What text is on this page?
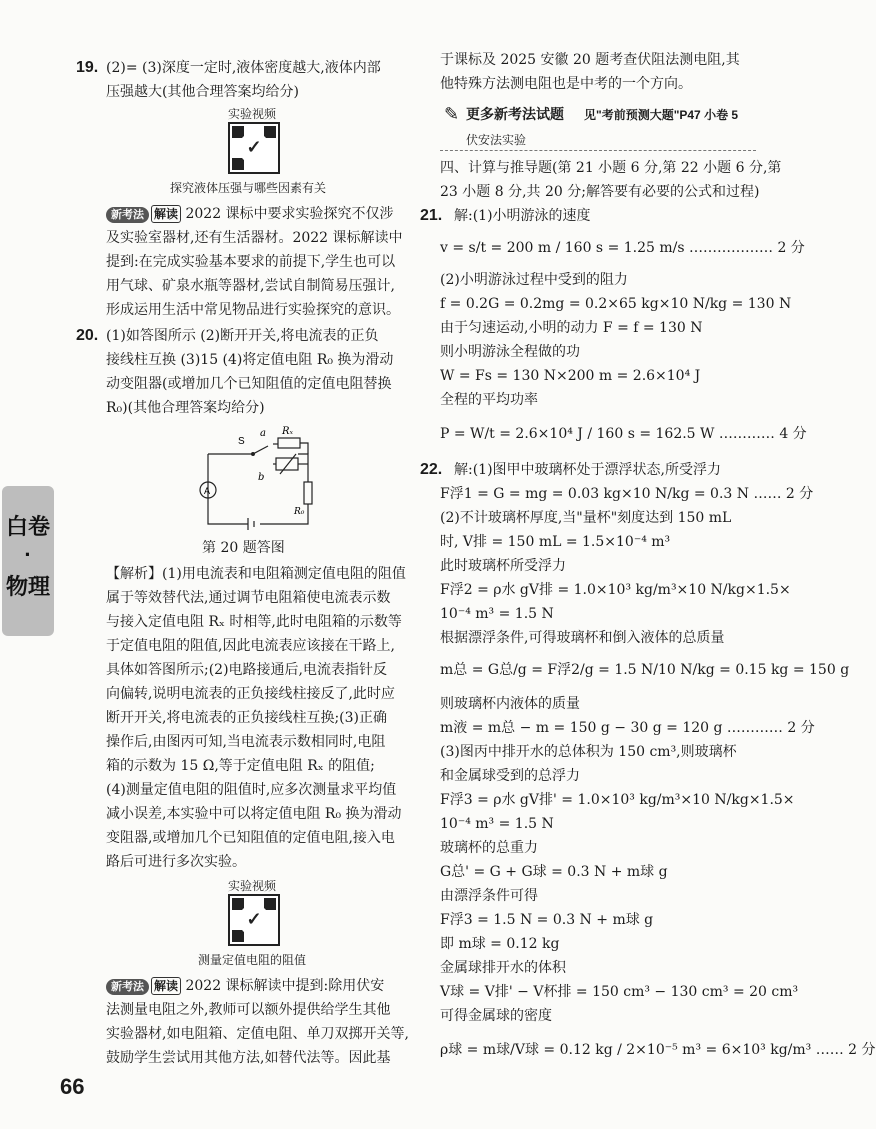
白卷
·
物理
19. (2)= (3)深度一定时,液体密度越大,液体内部
压强越大(其他合理答案均给分)
实验视频
✓
探究液体压强与哪些因素有关
新考法 解读 2022 课标中要求实验探究不仅涉
及实验室器材,还有生活器材。2022 课标解读中
提到:在完成实验基本要求的前提下,学生也可以
用气球、矿泉水瓶等器材,尝试自制简易压强计,
形成运用生活中常见物品进行实验探究的意识。
20. (1)如答图所示 (2)断开开关,将电流表的正负
接线柱互换 (3)15 (4)将定值电阻 R₀ 换为滑动
动变阻器(或增加几个已知阻值的定值电阻替换
R₀)(其他合理答案均给分)
A
S
a
b
Rₓ
R₀
第 20 题答图
【解析】(1)用电流表和电阻箱测定值电阻的阻值
属于等效替代法,通过调节电阻箱使电流表示数
与接入定值电阻 Rₓ 时相等,此时电阻箱的示数等
于定值电阻的阻值,因此电流表应该接在干路上,
具体如答图所示;(2)电路接通后,电流表指针反
向偏转,说明电流表的正负接线柱接反了,此时应
断开开关,将电流表的正负接线柱互换;(3)正确
操作后,由图丙可知,当电流表示数相同时,电阻
箱的示数为 15 Ω,等于定值电阻 Rₓ 的阻值;
(4)测量定值电阻的阻值时,应多次测量求平均值
减小误差,本实验中可以将定值电阻 R₀ 换为滑动
变阻器,或增加几个已知阻值的定值电阻,接入电
路后可进行多次实验。
实验视频
✓
测量定值电阻的阻值
新考法 解读 2022 课标解读中提到:除用伏安
法测量电阻之外,教师可以额外提供给学生其他
实验器材,如电阻箱、定值电阻、单刀双掷开关等,
鼓励学生尝试用其他方法,如替代法等。因此基
于课标及 2025 安徽 20 题考查伏阻法测电阻,其
他特殊方法测电阻也是中考的一个方向。
✎ 更多新考法试题 见"考前预测大题"P47 小卷 5
伏安法实验
四、计算与推导题(第 21 小题 6 分,第 22 小题 6 分,第
23 小题 8 分,共 20 分;解答要有必要的公式和过程)
21. 解:(1)小明游泳的速度
v = s/t = 200 m / 160 s = 1.25 m/s ……………… 2 分
(2)小明游泳过程中受到的阻力
f = 0.2G = 0.2mg = 0.2×65 kg×10 N/kg = 130 N
由于匀速运动,小明的动力 F = f = 130 N
则小明游泳全程做的功
W = Fs = 130 N×200 m = 2.6×10⁴ J
全程的平均功率
P = W/t = 2.6×10⁴ J / 160 s = 162.5 W ………… 4 分
22. 解:(1)图甲中玻璃杯处于漂浮状态,所受浮力
F浮1 = G = mg = 0.03 kg×10 N/kg = 0.3 N …… 2 分
(2)不计玻璃杯厚度,当"量杯"刻度达到 150 mL
时, V排 = 150 mL = 1.5×10⁻⁴ m³
此时玻璃杯所受浮力
F浮2 = ρ水 gV排 = 1.0×10³ kg/m³×10 N/kg×1.5×
10⁻⁴ m³ = 1.5 N
根据漂浮条件,可得玻璃杯和倒入液体的总质量
m总 = G总/g = F浮2/g = 1.5 N/10 N/kg = 0.15 kg = 150 g
则玻璃杯内液体的质量
m液 = m总 − m = 150 g − 30 g = 120 g ………… 2 分
(3)图丙中排开水的总体积为 150 cm³,则玻璃杯
和金属球受到的总浮力
F浮3 = ρ水 gV排' = 1.0×10³ kg/m³×10 N/kg×1.5×
10⁻⁴ m³ = 1.5 N
玻璃杯的总重力
G总' = G + G球 = 0.3 N + m球 g
由漂浮条件可得
F浮3 = 1.5 N = 0.3 N + m球 g
即 m球 = 0.12 kg
金属球排开水的体积
V球 = V排' − V杯排 = 150 cm³ − 130 cm³ = 20 cm³
可得金属球的密度
ρ球 = m球/V球 = 0.12 kg / 2×10⁻⁵ m³ = 6×10³ kg/m³ …… 2 分
66
